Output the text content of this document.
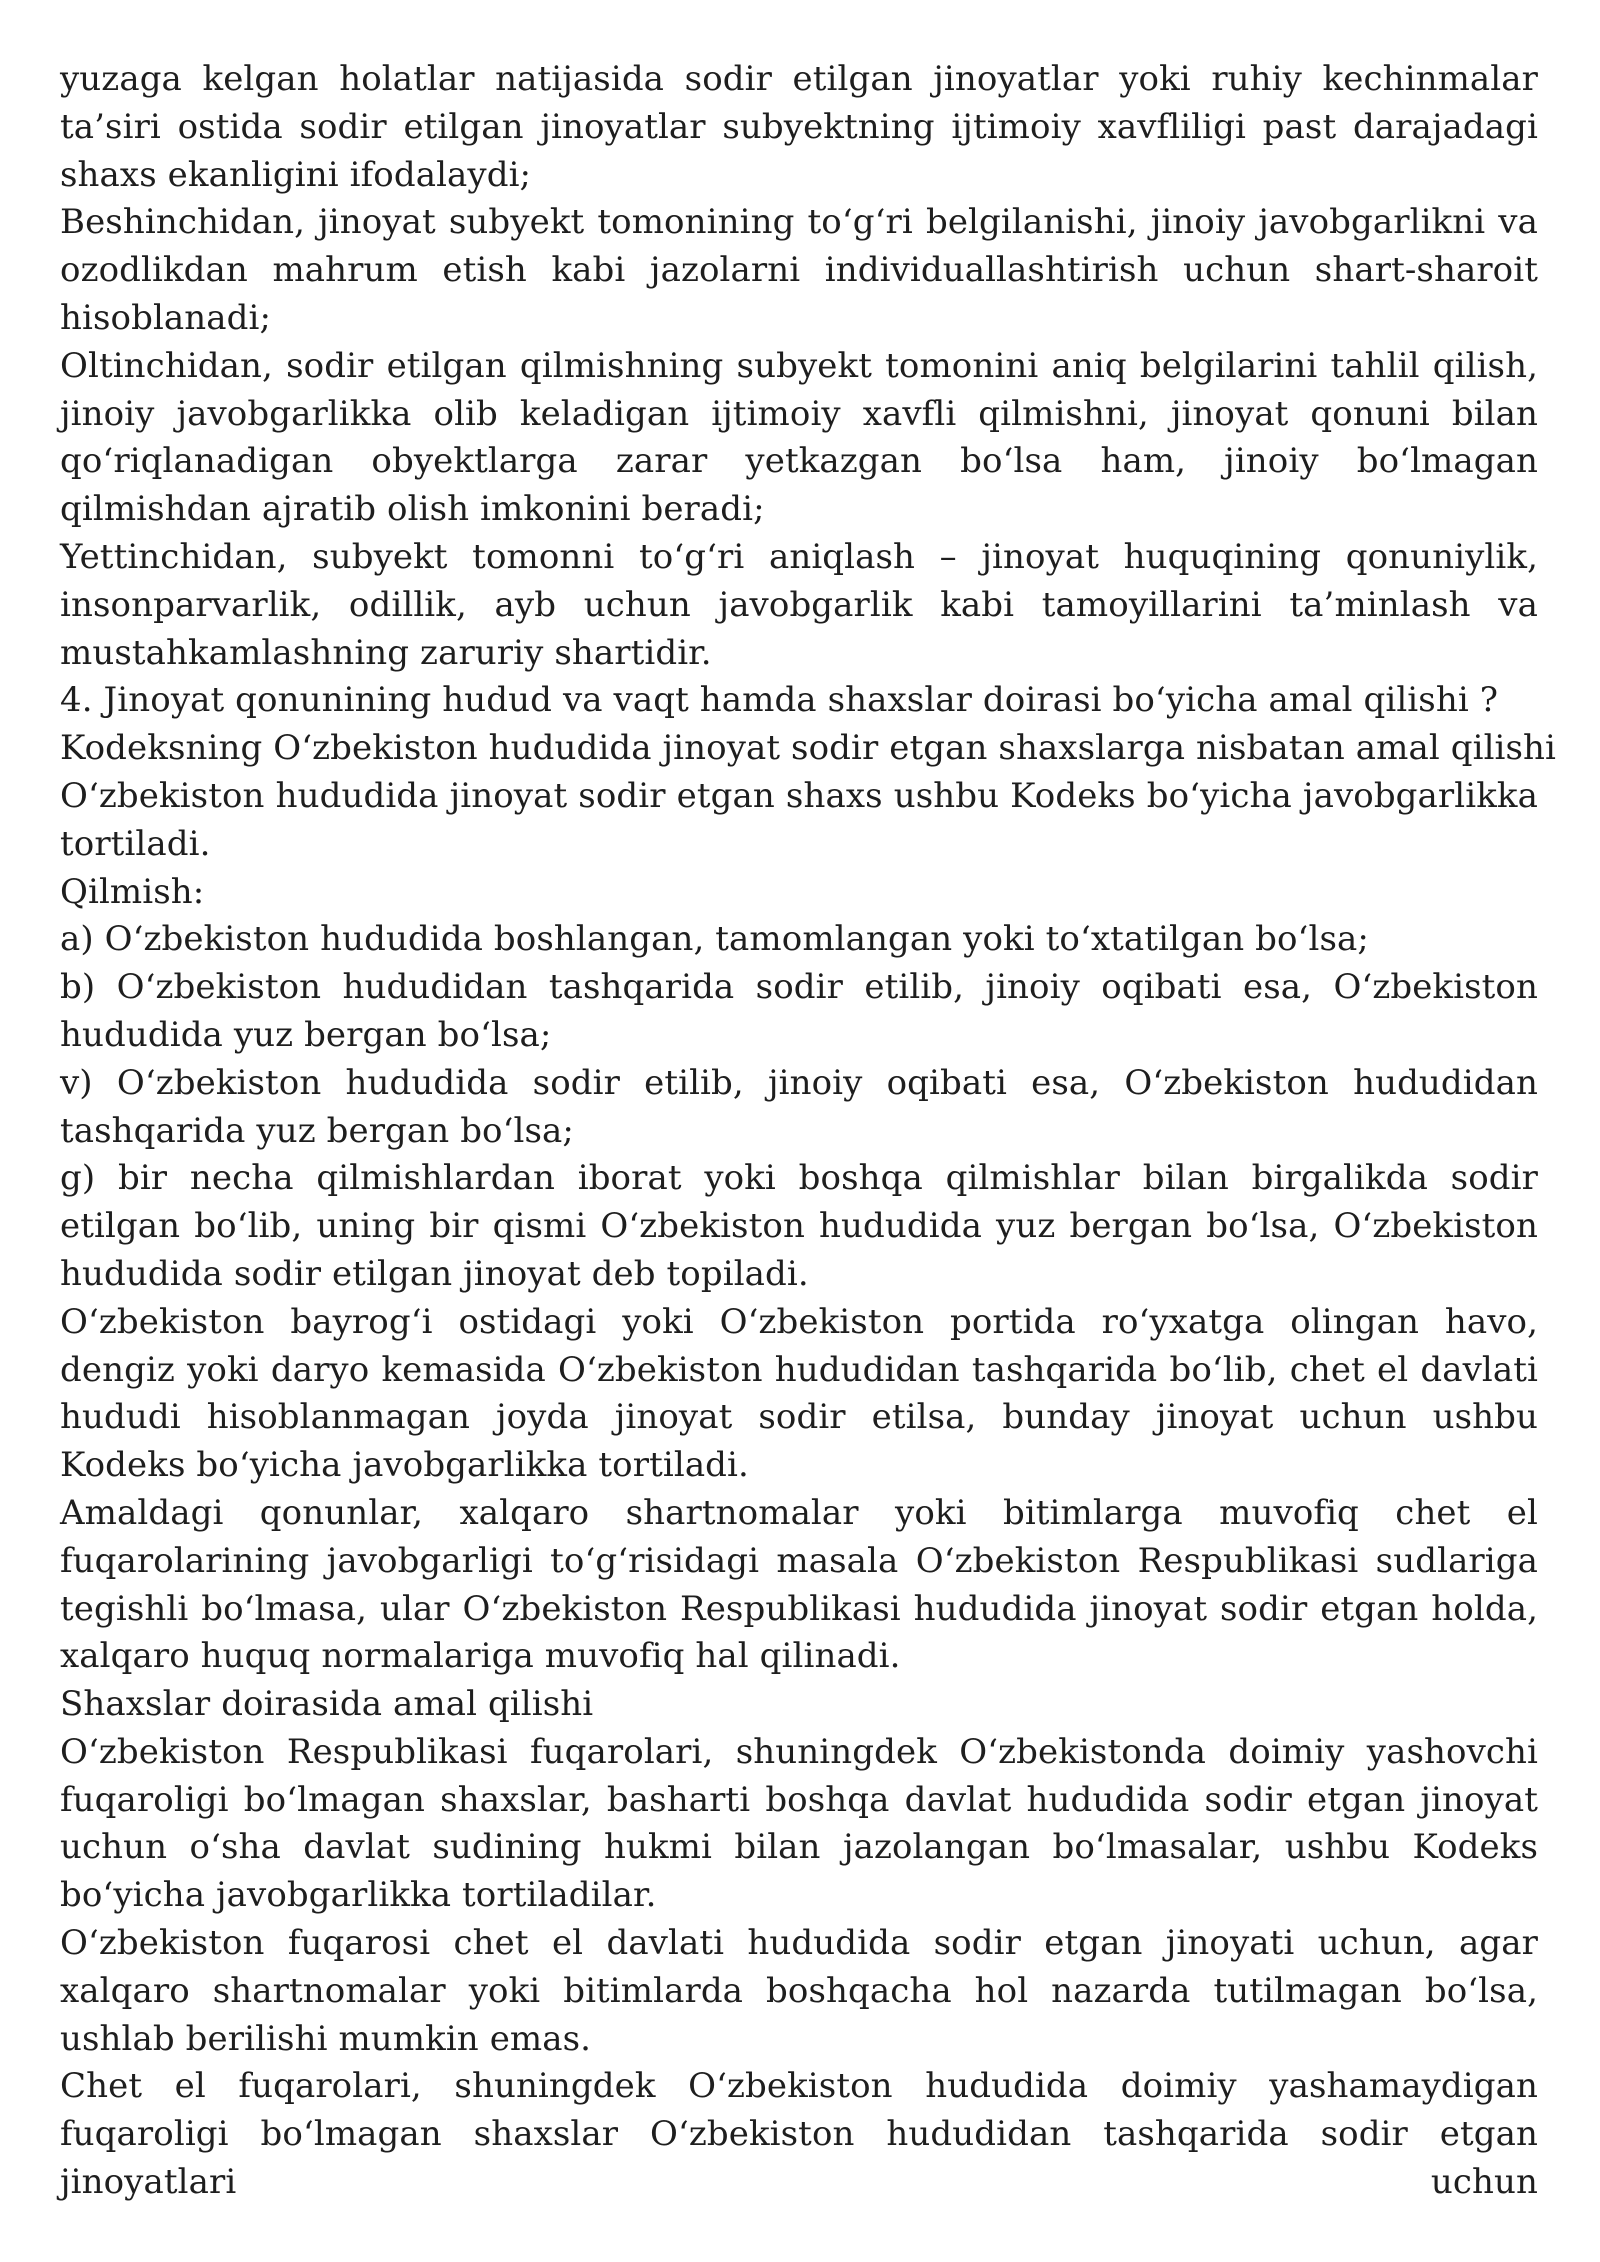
yuzaga kelgan holatlar natijasida sodir etilgan jinoyatlar yoki ruhiy kechinmalar ta’siri ostida sodir etilgan jinoyatlar subyektning ijtimoiy xavfliligi past darajadagi shaxs ekanligini ifodalaydi;

Beshinchidan, jinoyat subyekt tomonining to‘g‘ri belgilanishi, jinoiy javobgarlikni va ozodlikdan mahrum etish kabi jazolarni individuallashtirish uchun shart-sharoit hisoblanadi;

Oltinchidan, sodir etilgan qilmishning subyekt tomonini aniq belgilarini tahlil qilish, jinoiy javobgarlikka olib keladigan ijtimoiy xavfli qilmishni, jinoyat qonuni bilan qo‘riqlanadigan obyektlarga zarar yetkazgan bo‘lsa ham, jinoiy bo‘lmagan qilmishdan ajratib olish imkonini beradi;

Yettinchidan, subyekt tomonni to‘g‘ri aniqlash – jinoyat huquqining qonuniylik, insonparvarlik, odillik, ayb uchun javobgarlik kabi tamoyillarini ta’minlash va mustahkamlashning zaruriy shartidir.

4. Jinoyat qonunining hudud va vaqt hamda shaxslar doirasi bo‘yicha amal qilishi ?

Kodeksning O‘zbekiston hududida jinoyat sodir etgan shaxslarga nisbatan amal qilishi

O‘zbekiston hududida jinoyat sodir etgan shaxs ushbu Kodeks bo‘yicha javobgarlikka tortiladi.

Qilmish:

a) O‘zbekiston hududida boshlangan, tamomlangan yoki to‘xtatilgan bo‘lsa;

b) O‘zbekiston hududidan tashqarida sodir etilib, jinoiy oqibati esa, O‘zbekiston hududida yuz bergan bo‘lsa;

v) O‘zbekiston hududida sodir etilib, jinoiy oqibati esa, O‘zbekiston hududidan tashqarida yuz bergan bo‘lsa;

g) bir necha qilmishlardan iborat yoki boshqa qilmishlar bilan birgalikda sodir etilgan bo‘lib, uning bir qismi O‘zbekiston hududida yuz bergan bo‘lsa, O‘zbekiston hududida sodir etilgan jinoyat deb topiladi.

O‘zbekiston bayrog‘i ostidagi yoki O‘zbekiston portida ro‘yxatga olingan havo, dengiz yoki daryo kemasida O‘zbekiston hududidan tashqarida bo‘lib, chet el davlati hududi hisoblanmagan joyda jinoyat sodir etilsa, bunday jinoyat uchun ushbu Kodeks bo‘yicha javobgarlikka tortiladi.

Amaldagi qonunlar, xalqaro shartnomalar yoki bitimlarga muvofiq chet el fuqarolarining javobgarligi to‘g‘risidagi masala O‘zbekiston Respublikasi sudlariga tegishli bo‘lmasa, ular O‘zbekiston Respublikasi hududida jinoyat sodir etgan holda, xalqaro huquq normalariga muvofiq hal qilinadi.

Shaxslar doirasida amal qilishi

O‘zbekiston Respublikasi fuqarolari, shuningdek O‘zbekistonda doimiy yashovchi fuqaroligi bo‘lmagan shaxslar, basharti boshqa davlat hududida sodir etgan jinoyat uchun o‘sha davlat sudining hukmi bilan jazolangan bo‘lmasalar, ushbu Kodeks bo‘yicha javobgarlikka tortiladilar.

O‘zbekiston fuqarosi chet el davlati hududida sodir etgan jinoyati uchun, agar xalqaro shartnomalar yoki bitimlarda boshqacha hol nazarda tutilmagan bo‘lsa, ushlab berilishi mumkin emas.

Chet el fuqarolari, shuningdek O‘zbekiston hududida doimiy yashamaydigan fuqaroligi bo‘lmagan shaxslar O‘zbekiston hududidan tashqarida sodir etgan jinoyatlari uchun
